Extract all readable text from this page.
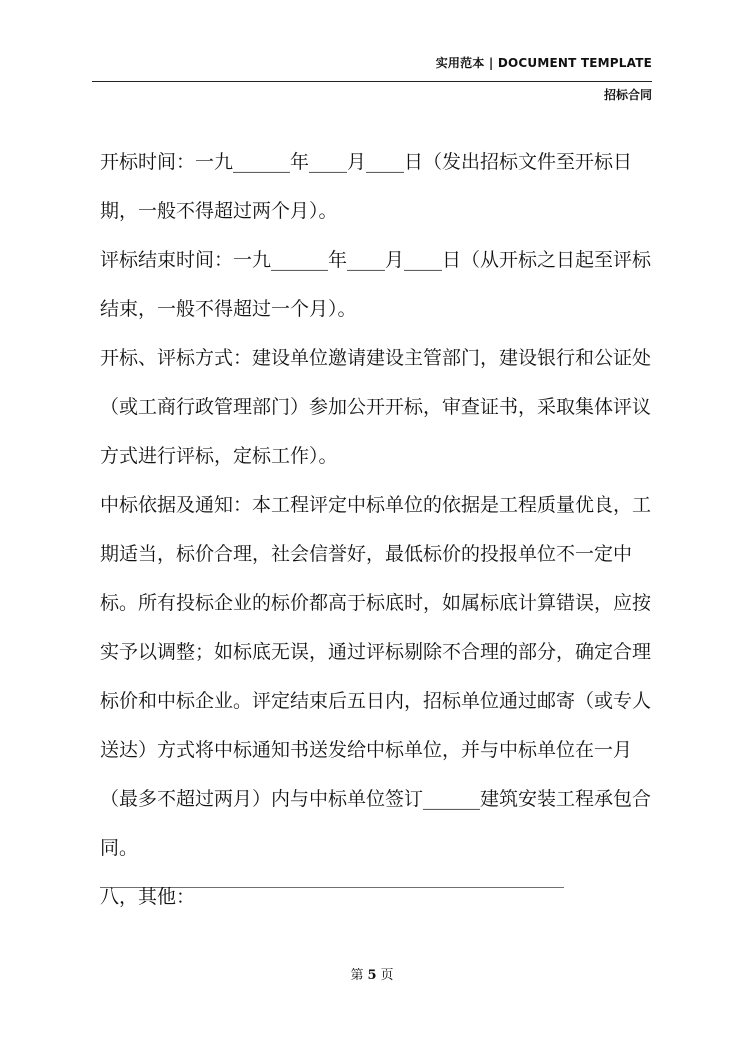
实用范本 | DOCUMENT TEMPLATE
招标合同

开标时间：一九______年____月____日（发出招标文件至开标日期，一般不得超过两个月）。

评标结束时间：一九______年____月____日（从开标之日起至评标结束，一般不得超过一个月）。

开标、评标方式：建设单位邀请建设主管部门，建设银行和公证处（或工商行政管理部门）参加公开开标，审查证书，采取集体评议方式进行评标，定标工作）。

中标依据及通知：本工程评定中标单位的依据是工程质量优良，工期适当，标价合理，社会信誉好，最低标价的投报单位不一定中标。所有投标企业的标价都高于标底时，如属标底计算错误，应按实予以调整；如标底无误，通过评标剔除不合理的部分，确定合理标价和中标企业。评定结束后五日内，招标单位通过邮寄（或专人送达）方式将中标通知书送发给中标单位，并与中标单位在一月（最多不超过两月）内与中标单位签订______建筑安装工程承包合同。

八，其他：

__________________________________________________________
第 5 页
